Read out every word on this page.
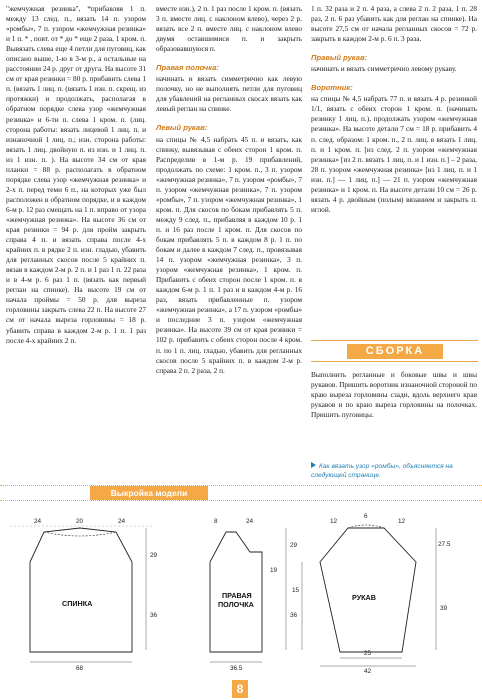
"жемчужная резинка", *прибавляя 1 п. между 13 след. п., вязать 14 п. узором «ромбы», 7 п. узором «жемчужная резинка» и 1 п. * , повт. от * до * еще 2 раза, 1 кром. п. Вывязать слева еще 4 петли для пуговиц, как описано выше, 1-ю в 3-м р., а остальные на расстоянии 24 р. друг от друга. На высоте 31 см от края резинки = 80 р. прибавить слева 1 п. (вязать 1 лиц. п. (вязать 1 изн. п. скрещ. из протяжки) и продолжать, располагая в обратном порядке слева узор «жемчужная резинка» и 6-ти п. слева 1 кром. п. (лиц. сторона работы: вязать лицевой 1 лиц. п. и изнаночной 1 лиц. п.; изн. сторона работы: вязать 1 лиц. двойную п. из изн. и 1 лиц. п. из 1 изн. п. ). На высоте 34 см от края планки = 88 р. располагать в обратном порядке слева узор «жемчужная резинка» и 2-х п. перед теми 6 п., на которых уже был расположен в обратном порядке, и в каждом 6-м р. 12 раз смещать на 1 п. вправо от узора «жемчужная резинка». На высоте 36 см от края резинки = 94 р. для пройм закрыть справа 4 п. и вязать справа после 4-х крайних п. в рядке 2 п. изн. гладью, убавить для регланных скосов после 5 крайних п. вязав в каждом 2-м р. 2 п. и 1 раз 1 п. 22 раза и в 4-м р. 6 раз 1 п. (вязать как первый реглан на спинке). На высоте 19 см от начала проймы = 50 р. для выреза горловины закрыть слева 22 п. На высоте 27 см от начала выреза горловины = 18 р. убавить справа в каждом 2-м р. 1 п. 1 раз после 4-х крайних 2 п.

вместе изн.), 2 п. 1 раз после 1 кром. п. (вязать 3 п. вместе лиц. с наклоном влево), через 2 р. вязать все 2 п. вместе лиц. с наклоном влево двумя оставшимися п. и закрыть образовавшуюся п.

Правая полочка:

начинать и вязать симметрично как левую полочку, но не выполнять петли для пуговиц для убавлений на регланных скосах вязать как левый реглан на спинке.

Левый рукав:

на спицы № 4,5 набрать 45 п. и вязать, как спинку, вывязывая с обеих сторон 1 кром. п. Распределив в 1-м р. 19 прибавлений, продолжать по схеме: 1 кром. п., 3 п. узором «жемчужная резинка», 7 п. узором «ромбы», 7 п. узором «жемчужная резинка», 7 п. узором «ромбы», 7 п. узором «жемчужная резинка», 1 кром. п. Для скосов по бокам прибавлять 5 п. между 9 след. п., прибавляя в каждом 10 р. 1 п. и 16 раз после 1 кром. п. Для скосов по бокам прибавлять 5 п. в каждом 8 р. 1 п. по бокам и далее в каждом 7 след. п., провязывая 14 п. узором «жемчужная резинка», 3 п. узором «жемчужная резинка», 1 кром. п. Прибавить с обеих сторон после 1 кром. п. в каждом 6-м р. 1 п. 1 раз и в каждом 4-м р. 16 раз, вязать прибавленные п. узором «жемчужная резинка», а 17 п. узором «ромбы» и последние 3 п. узором «жемчужная резинка». На высоте 39 см от края резинки = 102 р. прибавить с обеих сторон после 4 кром. п. по 1 п. лиц. гладью, убавить для регланных скосов после 5 крайних п. в каждом 2-м р. справа 2 п. 2 раза, 2 п.

1 п. 32 раза и 2 п. 4 раза, а слева 2 п. 2 раза, 1 п. 28 раз, 2 п. 6 раз убавить как для реглан на спинке). На высоте 27,5 см от начала регланных скосов = 72 р. закрыть в каждом 2-м р. 6 п. 3 раза.

Правый рукав:

начинать и вязать симметрично левому рукаву.

Воротник:

на спицы № 4,5 набрать 77 п. и вязать 4 р. резинкой 1/1, вязать с обеих сторон 1 кром. п. (начинать резинку 1 лиц. п.), продолжать узором «жемчужная резинка». На высоте детали 7 см = 18 р. прибавить 4 п. след. образом: 1 кром. п., 2 п. лиц. в вязать 1 лиц. п. и 1 кром. п. [из след. 2 п. узором «жемчужная резинка» [из 2 п. вязать 1 лиц. п. и 1 изн. п.] – 2 раза, 28 п. узором «жемчужная резинка» [из 1 лиц. п. и 1 изн. п.] — 1 лиц. п.] — 21 п. узором «жемчужная резинка» и 1 кром. п. На высоте детали 10 см = 26 р. вязать 4 р. двойным (полым) вязанием и закрыть п. иглой.

СБОРКА

Выполнить регланные и боковые швы и швы рукавов. Пришить воротник изнаночной стороной по краю выреза горловины сзади, вдоль верхнего края рукавов и по краю выреза горловины на полочках. Пришить пуговицы.

Как вязать узор «ромбы», объясняется на следующей странице.
Выкройка модели
24	20	24
29
36
68
СПИНКА
8	24
29
19
36
36.5
ПРАВАЯ
ПОЛОЧКА
12
6
12
15
27.5
39
25
42
РУКАВ
8
